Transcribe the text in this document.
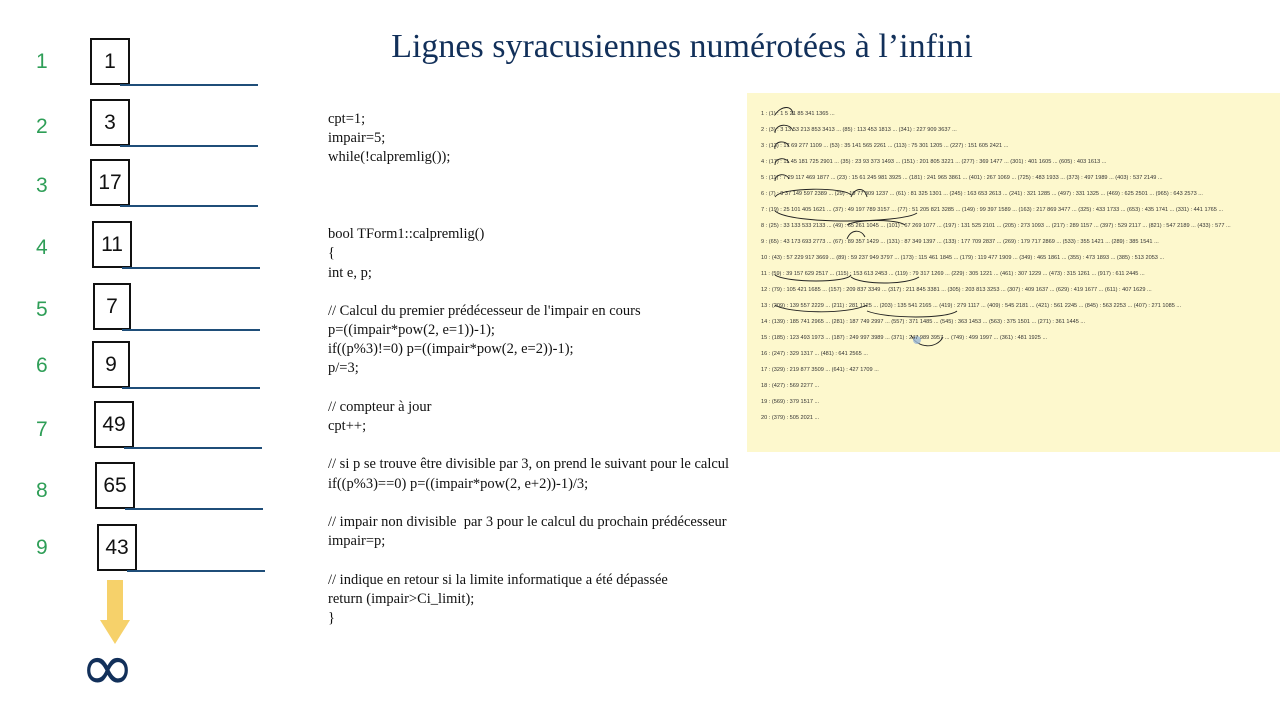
Lignes syracusiennes numérotées à l’infini
1	1
2	3
3	17
4	11
5	7
6	9
7	49
8	65
9	43
∞
cpt=1;
impair=5;
while(!calpremlig());
bool TForm1::calpremlig()
{
int e, p;
// Calcul du premier prédécesseur de l'impair en cours
p=((impair*pow(2, e=1))-1);
if((p%3)!=0) p=((impair*pow(2, e=2))-1);
p/=3;
// compteur à jour
cpt++;
// si p se trouve être divisible par 3, on prend le suivant pour le calcul
if((p%3)==0) p=((impair*pow(2, e+2))-1)/3;
// impair non divisible  par 3 pour le calcul du prochain prédécesseur
impair=p;
// indique en retour si la limite informatique a été dépassée
return (impair>Ci_limit);
}
1 : (1) : 1 5 21 85 341 1365 ...
2 : (3) : 3 13 53 213 853 3413 ... (85) : 113 453 1813 ... (341) : 227 909 3637 ...
3 : (13) : 17 69 277 1109 ... (53) : 35 141 565 2261 ... (113) : 75 301 1205 ... (227) : 151 605 2421 ...
4 : (17) : 11 45 181 725 2901 ... (35) : 23 93 373 1493 ... (151) : 201 805 3221 ... (277) : 369 1477 ... (301) : 401 1605 ... (605) : 403 1613 ...
5 : (11) : 7 29 117 469 1877 ... (23) : 15 61 245 981 3925 ... (181) : 241 965 3861 ... (401) : 267 1069 ... (725) : 483 1933 ... (373) : 497 1989 ... (403) : 537 2149 ...
6 : (7) : 9 37 149 597 2389 ... (29) : 19 77 309 1237 ... (61) : 81 325 1301 ... (245) : 163 653 2613 ... (241) : 321 1285 ... (497) : 331 1325 ... (469) : 625 2501 ... (965) : 643 2573 ...
7 : (19) : 25 101 405 1621 ... (37) : 49 197 789 3157 ... (77) : 51 205 821 3285 ... (149) : 99 397 1589 ... (163) : 217 869 3477 ... (325) : 433 1733 ... (653) : 435 1741 ... (331) : 441 1765 ...
8 : (25) : 33 133 533 2133 ... (49) : 65 261 1045 ... (101) : 67 269 1077 ... (197) : 131 525 2101 ... (205) : 273 1093 ... (217) : 289 1157 ... (397) : 529 2117 ... (821) : 547 2189 ... (433) : 577 ...
9 : (65) : 43 173 693 2773 ... (67) : 89 357 1429 ... (131) : 87 349 1397 ... (133) : 177 709 2837 ... (269) : 179 717 2869 ... (533) : 355 1421 ... (289) : 385 1541 ...
10 : (43) : 57 229 917 3669 ... (89) : 59 237 949 3797 ... (173) : 115 461 1845 ... (179) : 119 477 1909 ... (349) : 465 1861 ... (355) : 473 1893 ... (385) : 513 2053 ...
11 : (59) : 39 157 629 2517 ... (115) : 153 613 2453 ... (119) : 79 317 1269 ... (229) : 305 1221 ... (461) : 307 1229 ... (473) : 315 1261 ... (917) : 611 2445 ...
12 : (79) : 105 421 1685 ... (157) : 209 837 3349 ... (317) : 211 845 3381 ... (305) : 203 813 3253 ... (307) : 409 1637 ... (629) : 419 1677 ... (611) : 407 1629 ...
13 : (209) : 139 557 2229 ... (211) : 281 1125 ... (203) : 135 541 2165 ... (419) : 279 1117 ... (409) : 545 2181 ... (421) : 561 2245 ... (845) : 563 2253 ... (407) : 271 1085 ...
14 : (139) : 185 741 2965 ... (281) : 187 749 2997 ... (557) : 371 1485 ... (545) : 363 1453 ... (563) : 375 1501 ... (271) : 361 1445 ...
15 : (185) : 123 493 1973 ... (187) : 249 997 3989 ... (371) : 247 989 3957 ... (749) : 499 1997 ... (361) : 481 1925 ...
16 : (247) : 329 1317 ... (481) : 641 2565 ...
17 : (329) : 219 877 3509 ... (641) : 427 1709 ...
18 : (427) : 569 2277 ...
19 : (569) : 379 1517 ...
20 : (379) : 505 2021 ...
